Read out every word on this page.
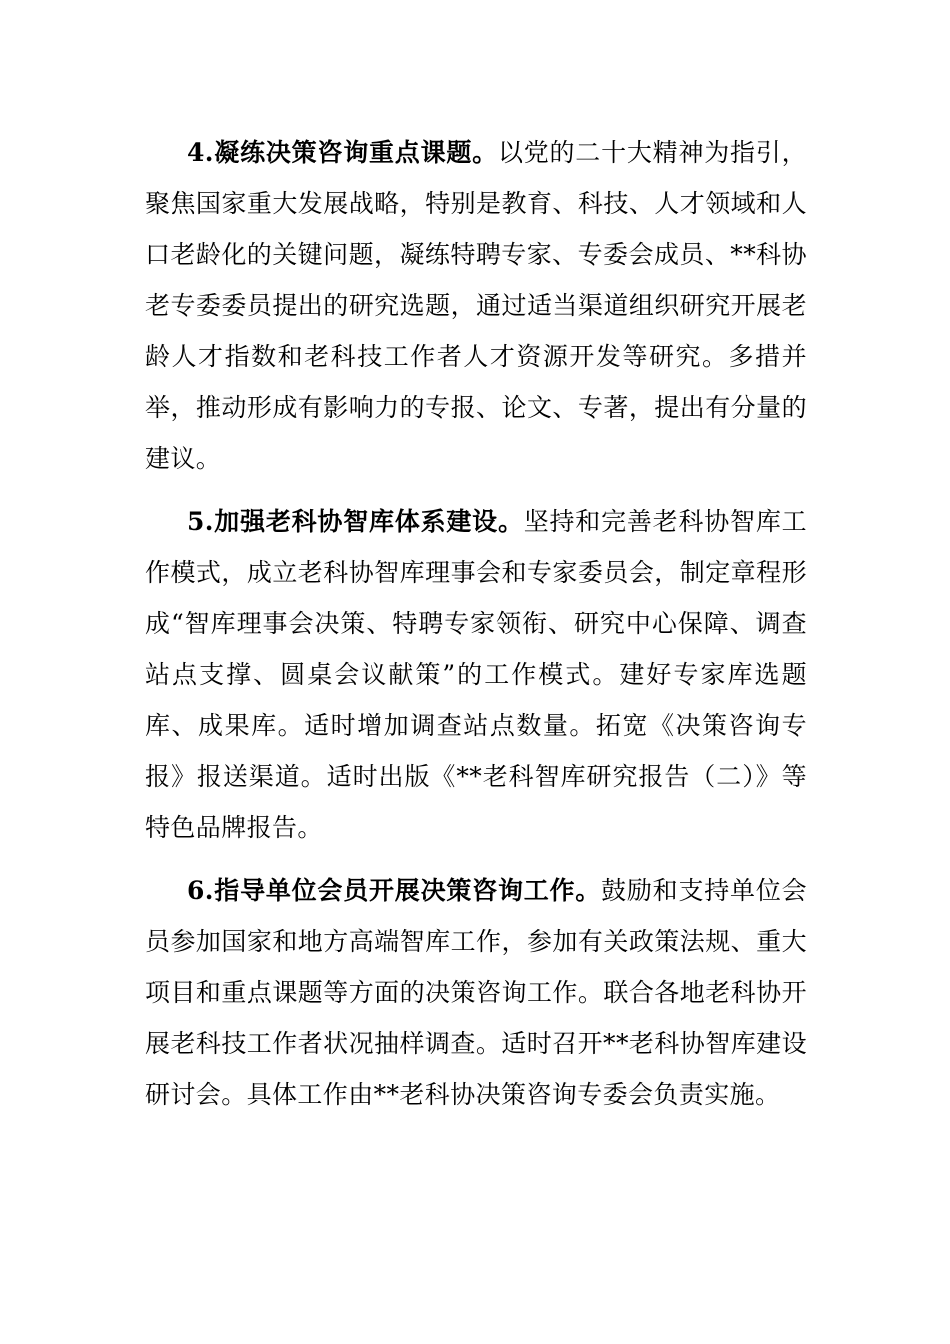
4.凝练决策咨询重点课题。以党的二十大精神为指引，聚焦国家重大发展战略，特别是教育、科技、人才领域和人口老龄化的关键问题，凝练特聘专家、专委会成员、**科协老专委委员提出的研究选题，通过适当渠道组织研究开展老龄人才指数和老科技工作者人才资源开发等研究。多措并举，推动形成有影响力的专报、论文、专著，提出有分量的建议。

5.加强老科协智库体系建设。坚持和完善老科协智库工作模式，成立老科协智库理事会和专家委员会，制定章程形成“智库理事会决策、特聘专家领衔、研究中心保障、调查站点支撑、圆桌会议献策”的工作模式。建好专家库选题库、成果库。适时增加调查站点数量。拓宽《决策咨询专报》报送渠道。适时出版《**老科智库研究报告（二）》等特色品牌报告。

6.指导单位会员开展决策咨询工作。鼓励和支持单位会员参加国家和地方高端智库工作，参加有关政策法规、重大项目和重点课题等方面的决策咨询工作。联合各地老科协开展老科技工作者状况抽样调查。适时召开**老科协智库建设研讨会。具体工作由**老科协决策咨询专委会负责实施。
